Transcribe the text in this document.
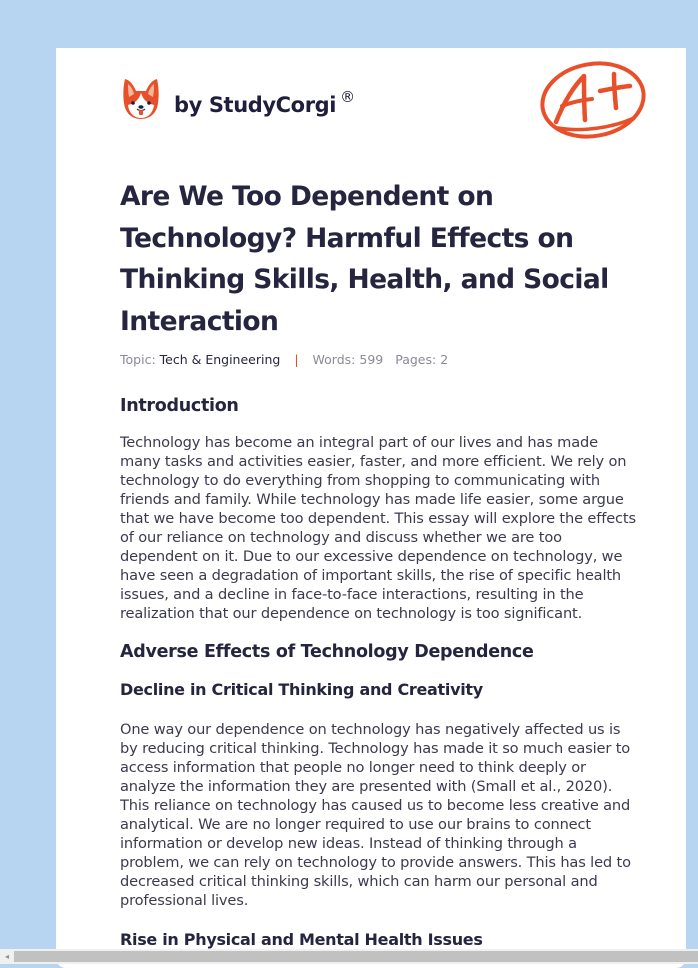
by StudyCorgi ®
Are We Too Dependent on Technology? Harmful Effects on Thinking Skills, Health, and Social Interaction
Topic: Tech & Engineering | Words: 599 Pages: 2
Introduction

Technology has become an integral part of our lives and has made many tasks and activities easier, faster, and more efficient. We rely on technology to do everything from shopping to communicating with friends and family. While technology has made life easier, some argue that we have become too dependent. This essay will explore the effects of our reliance on technology and discuss whether we are too dependent on it. Due to our excessive dependence on technology, we have seen a degradation of important skills, the rise of specific health issues, and a decline in face-to-face interactions, resulting in the realization that our dependence on technology is too significant.

Adverse Effects of Technology Dependence
Decline in Critical Thinking and Creativity

One way our dependence on technology has negatively affected us is by reducing critical thinking. Technology has made it so much easier to access information that people no longer need to think deeply or analyze the information they are presented with (Small et al., 2020). This reliance on technology has caused us to become less creative and analytical. We are no longer required to use our brains to connect information or develop new ideas. Instead of thinking through a problem, we can rely on technology to provide answers. This has led to decreased critical thinking skills, which can harm our personal and professional lives.

Rise in Physical and Mental Health Issues
◂
